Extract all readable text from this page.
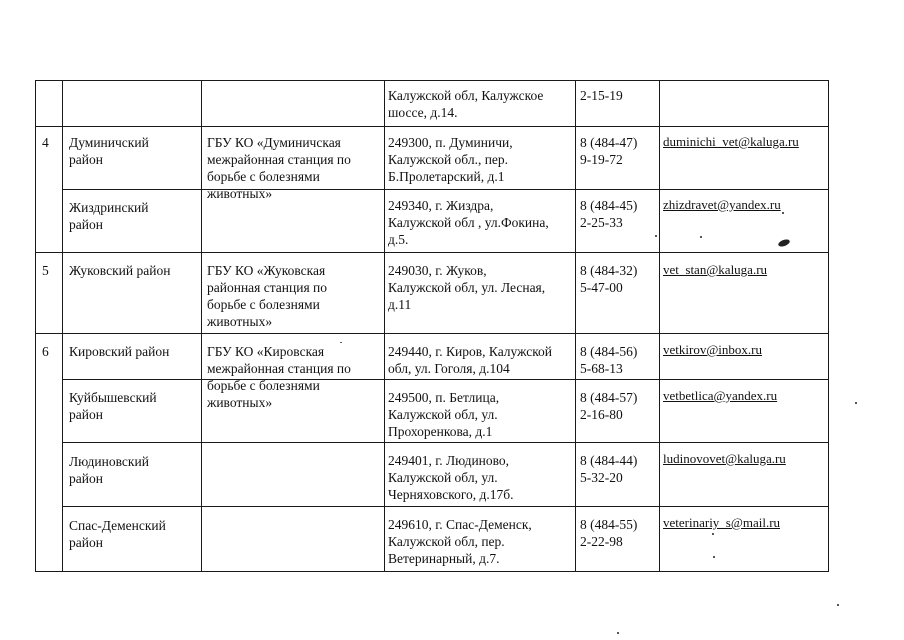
Калужской обл, Калужское
шоссе, д.14.
2-15-19
4 Думиничский
район
ГБУ КО «Думиничская
межрайонная станция по
борьбе с болезнями
животных»
249300, п. Думиничи,
Калужской обл., пер.
Б.Пролетарский, д.1
8 (484-47)
9-19-72
duminichi_vet@kaluga.ru
Жиздринский
район
249340, г. Жиздра,
Калужской обл , ул.Фокина,
д.5.
8 (484-45)
2-25-33
zhizdravet@yandex.ru
5 Жуковский район	ГБУ КО «Жуковская
районная станция по
борьбе с болезнями
животных»
249030, г. Жуков,
Калужской обл, ул. Лесная,
д.11
8 (484-32)
5-47-00
vet_stan@kaluga.ru
6 Кировский район	ГБУ КО «Кировская
межрайонная станция по
борьбе с болезнями
животных»
249440, г. Киров, Калужской
обл, ул. Гоголя, д.104
8 (484-56)
5-68-13
vetkirov@inbox.ru
Куйбышевский
район
249500, п. Бетлица,
Калужской обл, ул.
Прохоренкова, д.1
8 (484-57)
2-16-80
vetbetlica@yandex.ru
Людиновский
район
249401, г. Людиново,
Калужской обл, ул.
Черняховского, д.17б.
8 (484-44)
5-32-20
ludinovovet@kaluga.ru
Спас-Деменский
район
249610, г. Спас-Деменск,
Калужской обл, пер.
Ветеринарный, д.7.
8 (484-55)
2-22-98
veterinariy_s@mail.ru
